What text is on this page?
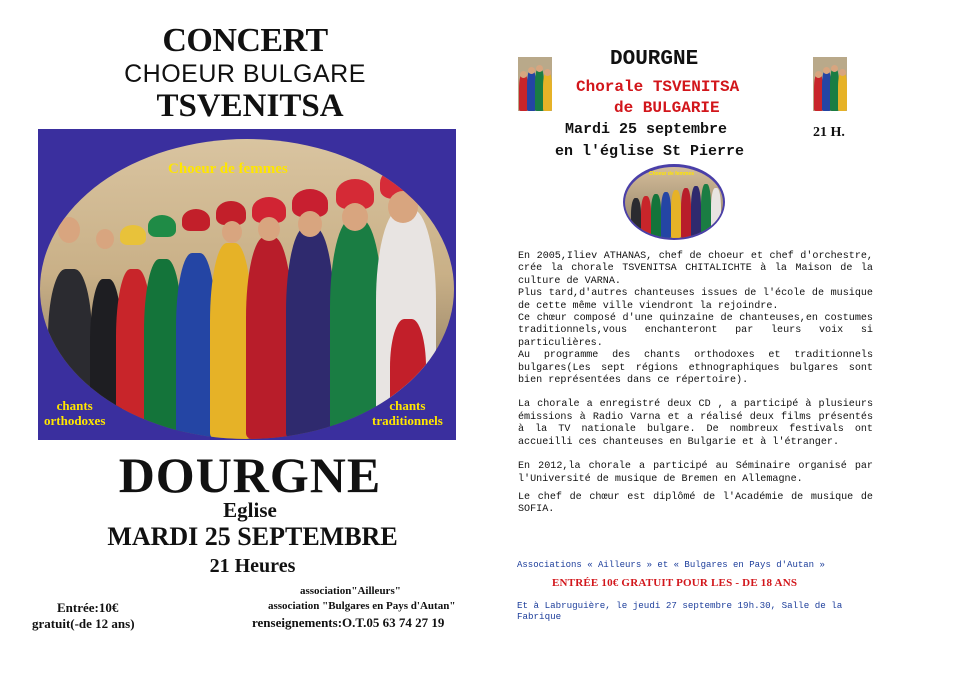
CONCERT
CHOEUR BULGARE
TSVENITSA
Choeur de femmes
chants
orthodoxes
chants
traditionnels
DOURGNE
Eglise
MARDI 25 SEPTEMBRE
21 Heures
association"Ailleurs"
association "Bulgares en Pays d'Autan"
Entrée:10€
gratuit(-de 12 ans)	renseignements:O.T.05 63 74 27 19
DOURGNE
Chorale TSVENITSA
de BULGARIE
Mardi 25 septembre	21 H.
en l'église St Pierre
Choeur de femmes

En 2005,Iliev ATHANAS, chef de choeur et chef d'orchestre, crée la chorale TSVENITSA CHITALICHTE à la Maison de la culture de VARNA.

Plus tard,d'autres chanteuses issues de l'école de musique de cette même ville viendront la rejoindre.

Ce chœur composé d'une quinzaine de chanteuses,en costumes traditionnels,vous enchanteront par leurs voix si particulières.

Au programme des chants orthodoxes et traditionnels bulgares(Les sept régions ethnographiques bulgares sont bien représentées dans ce répertoire).

La chorale a enregistré deux CD , a participé à plusieurs émissions à Radio Varna et a réalisé deux films présentés à la TV nationale bulgare. De nombreux festivals ont accueilli ces chanteuses en Bulgarie et à l'étranger.

En 2012,la chorale a participé au Séminaire organisé par l'Université de musique de Bremen en Allemagne.

Le chef de chœur est diplômé de l'Académie de musique de SOFIA.

Associations « Ailleurs » et « Bulgares en Pays d'Autan »
ENTRÉE 10€ GRATUIT POUR LES - DE 18 ANS
Et à Labruguière, le jeudi 27 septembre 19h.30, Salle de la Fabrique
